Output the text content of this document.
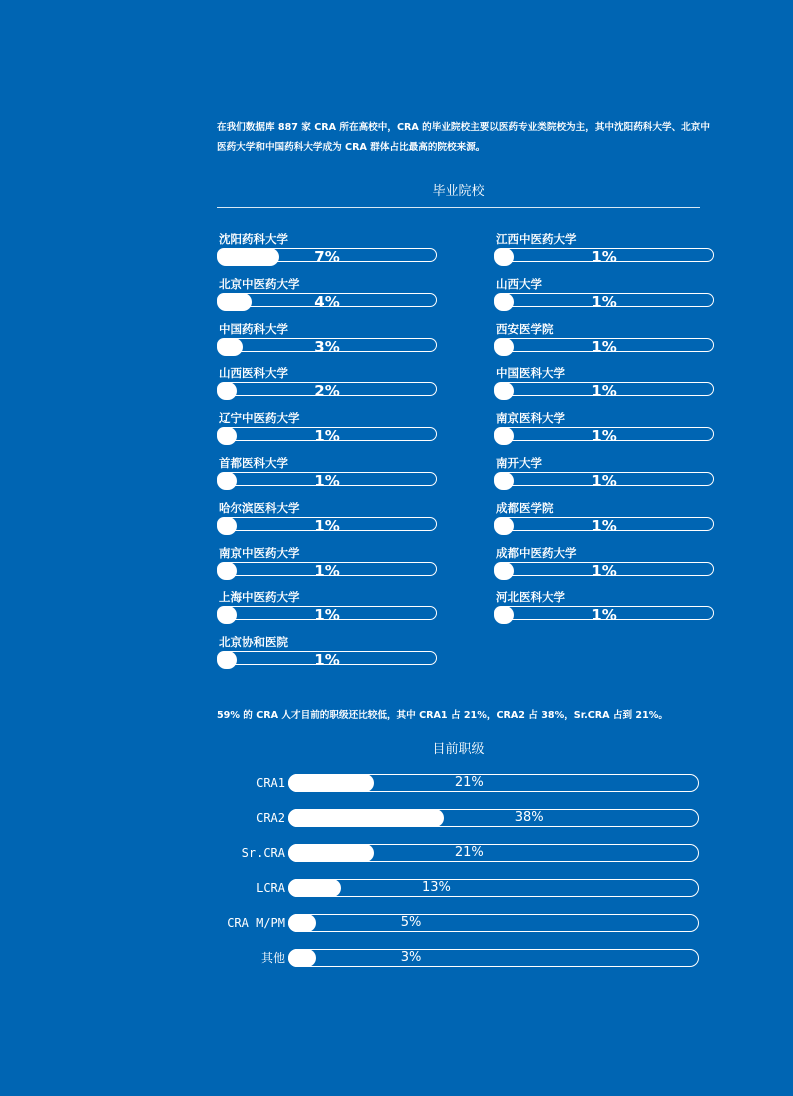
在我们数据库 887 家 CRA 所在高校中，CRA 的毕业院校主要以医药专业类院校为主，其中沈阳药科大学、北京中医药大学和中国药科大学成为 CRA 群体占比最高的院校来源。
毕业院校
沈阳药科大学
7%
北京中医药大学
4%
中国药科大学
3%
山西医科大学
2%
辽宁中医药大学
1%
首都医科大学
1%
哈尔滨医科大学
1%
南京中医药大学
1%
上海中医药大学
1%
北京协和医院
1%
江西中医药大学
1%
山西大学
1%
西安医学院
1%
中国医科大学
1%
南京医科大学
1%
南开大学
1%
成都医学院
1%
成都中医药大学
1%
河北医科大学
1%
59% 的 CRA 人才目前的职级还比较低，其中 CRA1 占 21%，CRA2 占 38%，Sr.CRA 占到 21%。
目前职级
CRA1	21%
CRA2	38%
Sr.CRA	21%
LCRA	13%
CRA M/PM	5%
其他	3%
